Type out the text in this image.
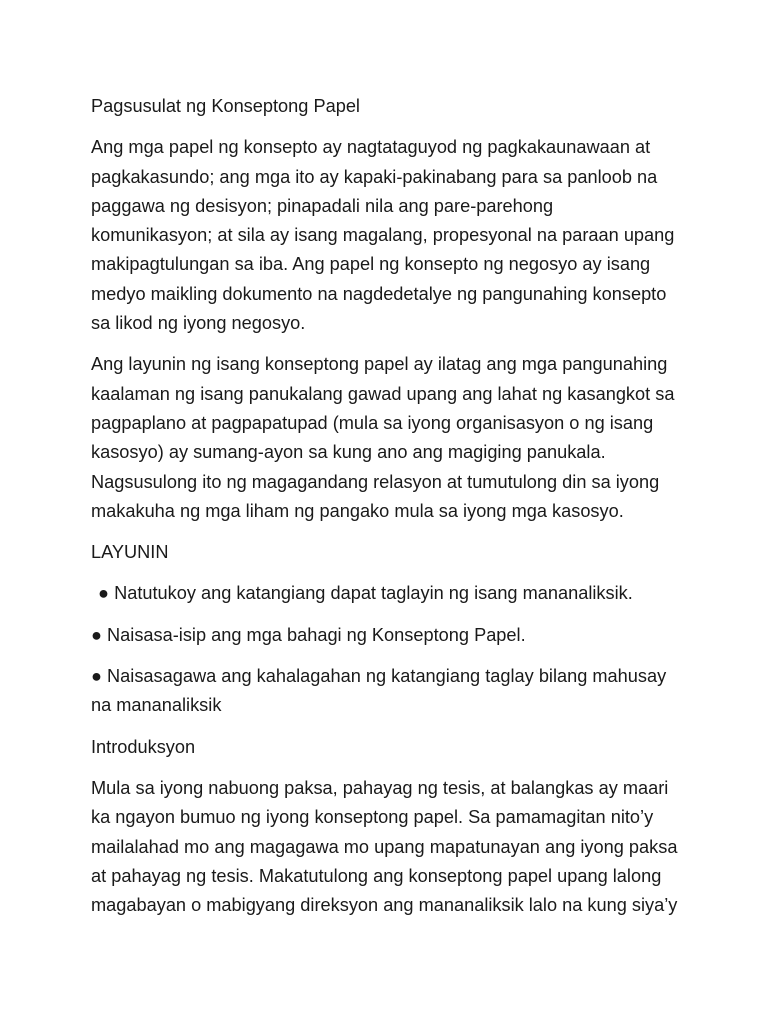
Pagsusulat ng Konseptong Papel

Ang mga papel ng konsepto ay nagtataguyod ng pagkakaunawaan at
pagkakasundo; ang mga ito ay kapaki-pakinabang para sa panloob na
paggawa ng desisyon; pinapadali nila ang pare-parehong
komunikasyon; at sila ay isang magalang, propesyonal na paraan upang
makipagtulungan sa iba. Ang papel ng konsepto ng negosyo ay isang
medyo maikling dokumento na nagdedetalye ng pangunahing konsepto
sa likod ng iyong negosyo.

Ang layunin ng isang konseptong papel ay ilatag ang mga pangunahing
kaalaman ng isang panukalang gawad upang ang lahat ng kasangkot sa
pagpaplano at pagpapatupad (mula sa iyong organisasyon o ng isang
kasosyo) ay sumang-ayon sa kung ano ang magiging panukala.
Nagsusulong ito ng magagandang relasyon at tumutulong din sa iyong
makakuha ng mga liham ng pangako mula sa iyong mga kasosyo.

LAYUNIN

● Natutukoy ang katangiang dapat taglayin ng isang mananaliksik.

● Naisasa-isip ang mga bahagi ng Konseptong Papel.

● Naisasagawa ang kahalagahan ng katangiang taglay bilang mahusay
na mananaliksik

Introduksyon

Mula sa iyong nabuong paksa, pahayag ng tesis, at balangkas ay maari
ka ngayon bumuo ng iyong konseptong papel. Sa pamamagitan nito’y
mailalahad mo ang magagawa mo upang mapatunayan ang iyong paksa
at pahayag ng tesis. Makatutulong ang konseptong papel upang lalong
magabayan o mabigyang direksyon ang mananaliksik lalo na kung siya’y
